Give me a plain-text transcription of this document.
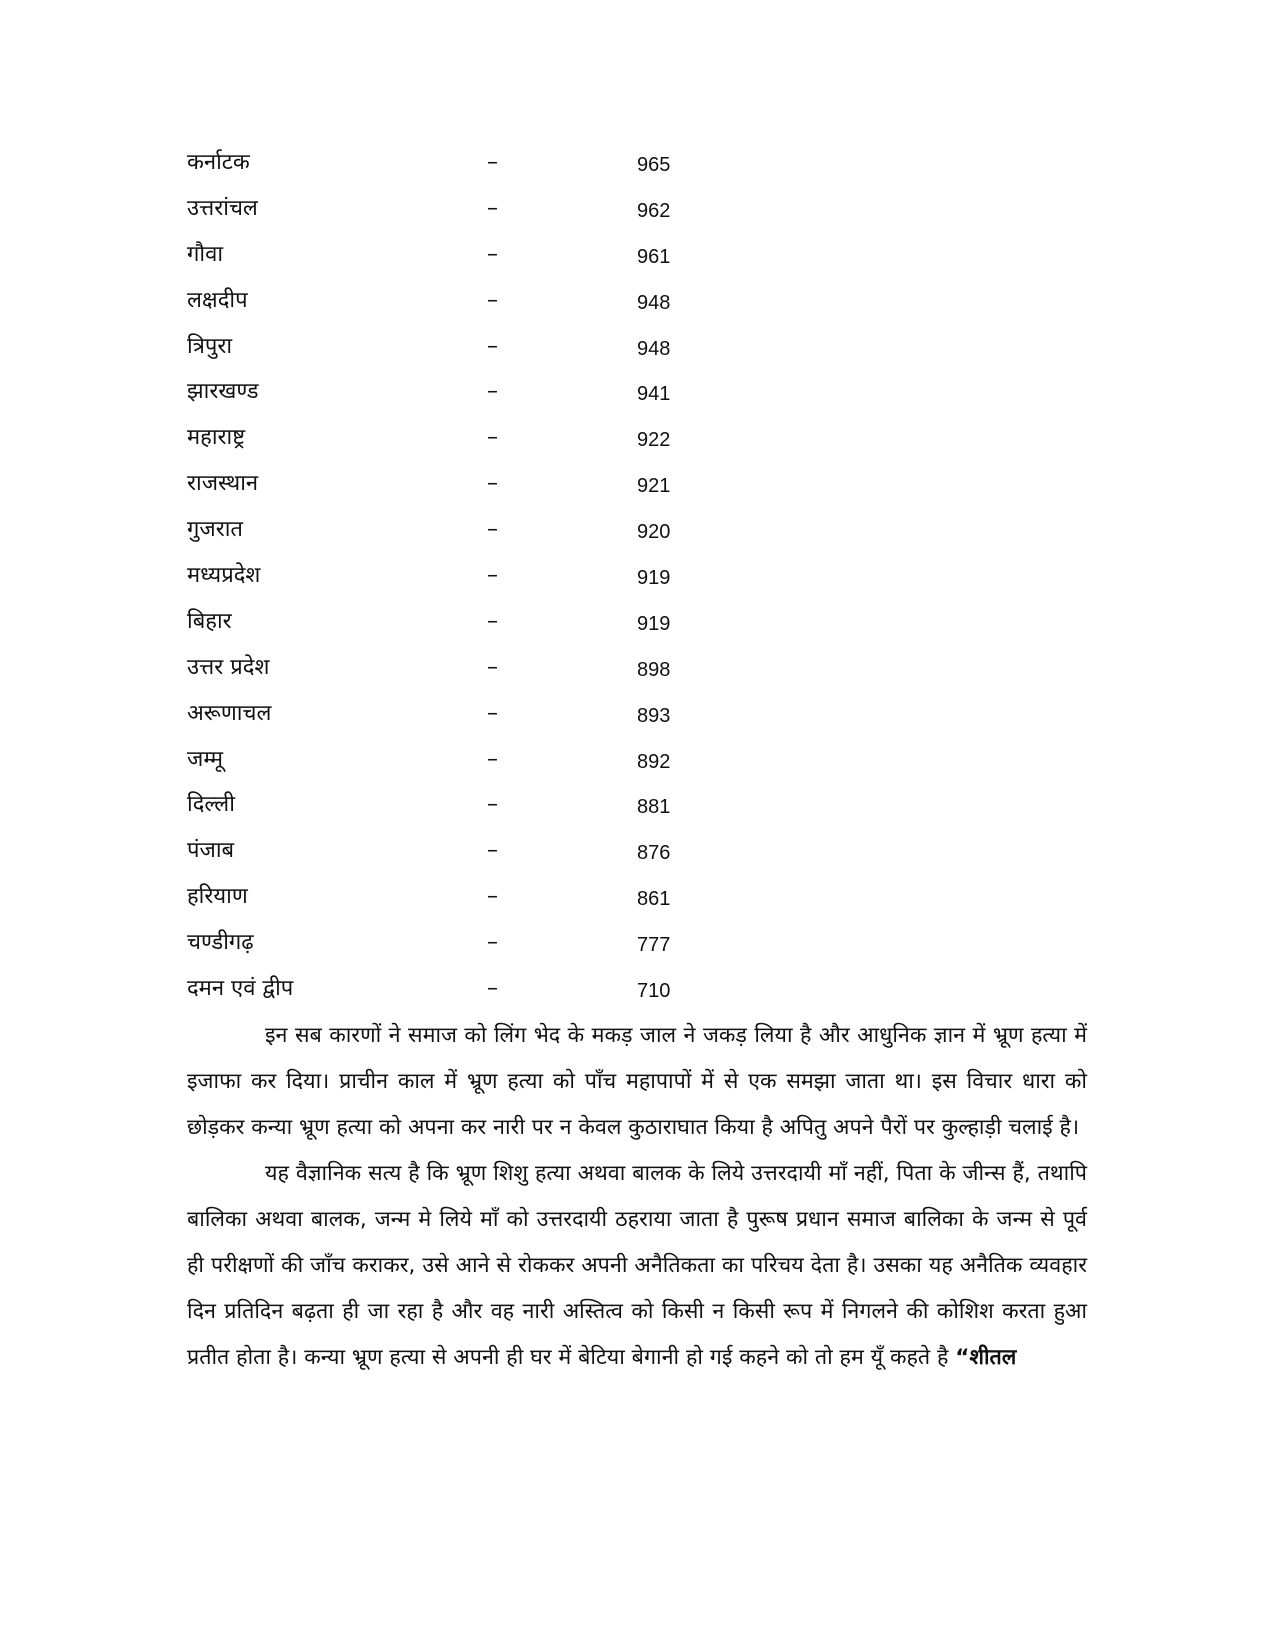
कर्नाटक	–	965
उत्तरांचल	–	962
गौवा	–	961
लक्षदीप	–	948
त्रिपुरा	–	948
झारखण्ड	–	941
महाराष्ट्र	–	922
राजस्थान	–	921
गुजरात	–	920
मध्यप्रदेश	–	919
बिहार	–	919
उत्तर प्रदेश	–	898
अरूणाचल	–	893
जम्मू	–	892
दिल्ली	–	881
पंजाब	–	876
हरियाण	–	861
चण्डीगढ़	–	777
दमन एवं द्वीप	–	710

इन सब कारणों ने समाज को लिंग भेद के मकड़ जाल ने जकड़ लिया है और आधुनिक ज्ञान में भ्रूण हत्या में इजाफा कर दिया। प्राचीन काल में भ्रूण हत्या को पाँच महापापों में से एक समझा जाता था। इस विचार धारा को छोड़कर कन्या भ्रूण हत्या को अपना कर नारी पर न केवल कुठाराघात किया है अपितु अपने पैरों पर कुल्हाड़ी चलाई है।

यह वैज्ञानिक सत्य है कि भ्रूण शिशु हत्या अथवा बालक के लिये उत्तरदायी माँ नहीं, पिता के जीन्स हैं, तथापि बालिका अथवा बालक, जन्म मे लिये माँ को उत्तरदायी ठहराया जाता है पुरूष प्रधान समाज बालिका के जन्म से पूर्व ही परीक्षणों की जाँच कराकर, उसे आने से रोककर अपनी अनैतिकता का परिचय देता है। उसका यह अनैतिक व्यवहार दिन प्रतिदिन बढ़ता ही जा रहा है और वह नारी अस्तित्व को किसी न किसी रूप में निगलने की कोशिश करता हुआ प्रतीत होता है। कन्या भ्रूण हत्या से अपनी ही घर में बेटिया बेगानी हो गई कहने को तो हम यूँ कहते है “शीतल
